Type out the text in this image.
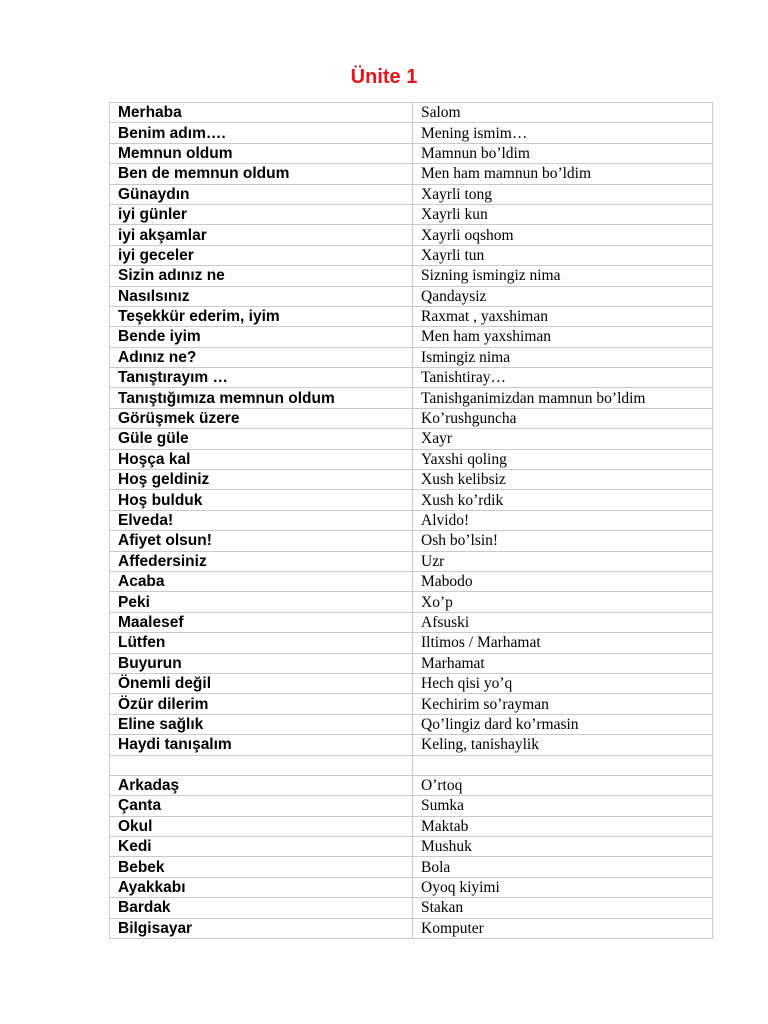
Ünite 1
Merhaba	Salom
Benim adım….	Mening ismim…
Memnun oldum	Mamnun bo’ldim
Ben de memnun oldum	Men ham mamnun bo’ldim
Günaydın	Xayrli tong
iyi günler	Xayrli kun
iyi akşamlar	Xayrli oqshom
iyi geceler	Xayrli tun
Sizin adınız ne	Sizning ismingiz nima
Nasılsınız	Qandaysiz
Teşekkür ederim, iyim	Raxmat , yaxshiman
Bende iyim	Men ham yaxshiman
Adınız ne?	Ismingiz nima
Tanıştırayım …	Tanishtiray…
Tanıştığımıza memnun oldum	Tanishganimizdan mamnun bo’ldim
Görüşmek üzere	Ko’rushguncha
Güle güle	Xayr
Hoşça kal	Yaxshi qoling
Hoş geldiniz	Xush kelibsiz
Hoş bulduk	Xush ko’rdik
Elveda!	Alvido!
Afiyet olsun!	Osh bo’lsin!
Affedersiniz	Uzr
Acaba	Mabodo
Peki	Xo’p
Maalesef	Afsuski
Lütfen	Iltimos / Marhamat
Buyurun	Marhamat
Önemli değil	Hech qisi yo’q
Özür dilerim	Kechirim so’rayman
Eline sağlık	Qo’lingiz dard ko’rmasin
Haydi tanışalım	Keling, tanishaylik

Arkadaş	O’rtoq
Çanta	Sumka
Okul	Maktab
Kedi	Mushuk
Bebek	Bola
Ayakkabı	Oyoq kiyimi
Bardak	Stakan
Bilgisayar	Komputer
